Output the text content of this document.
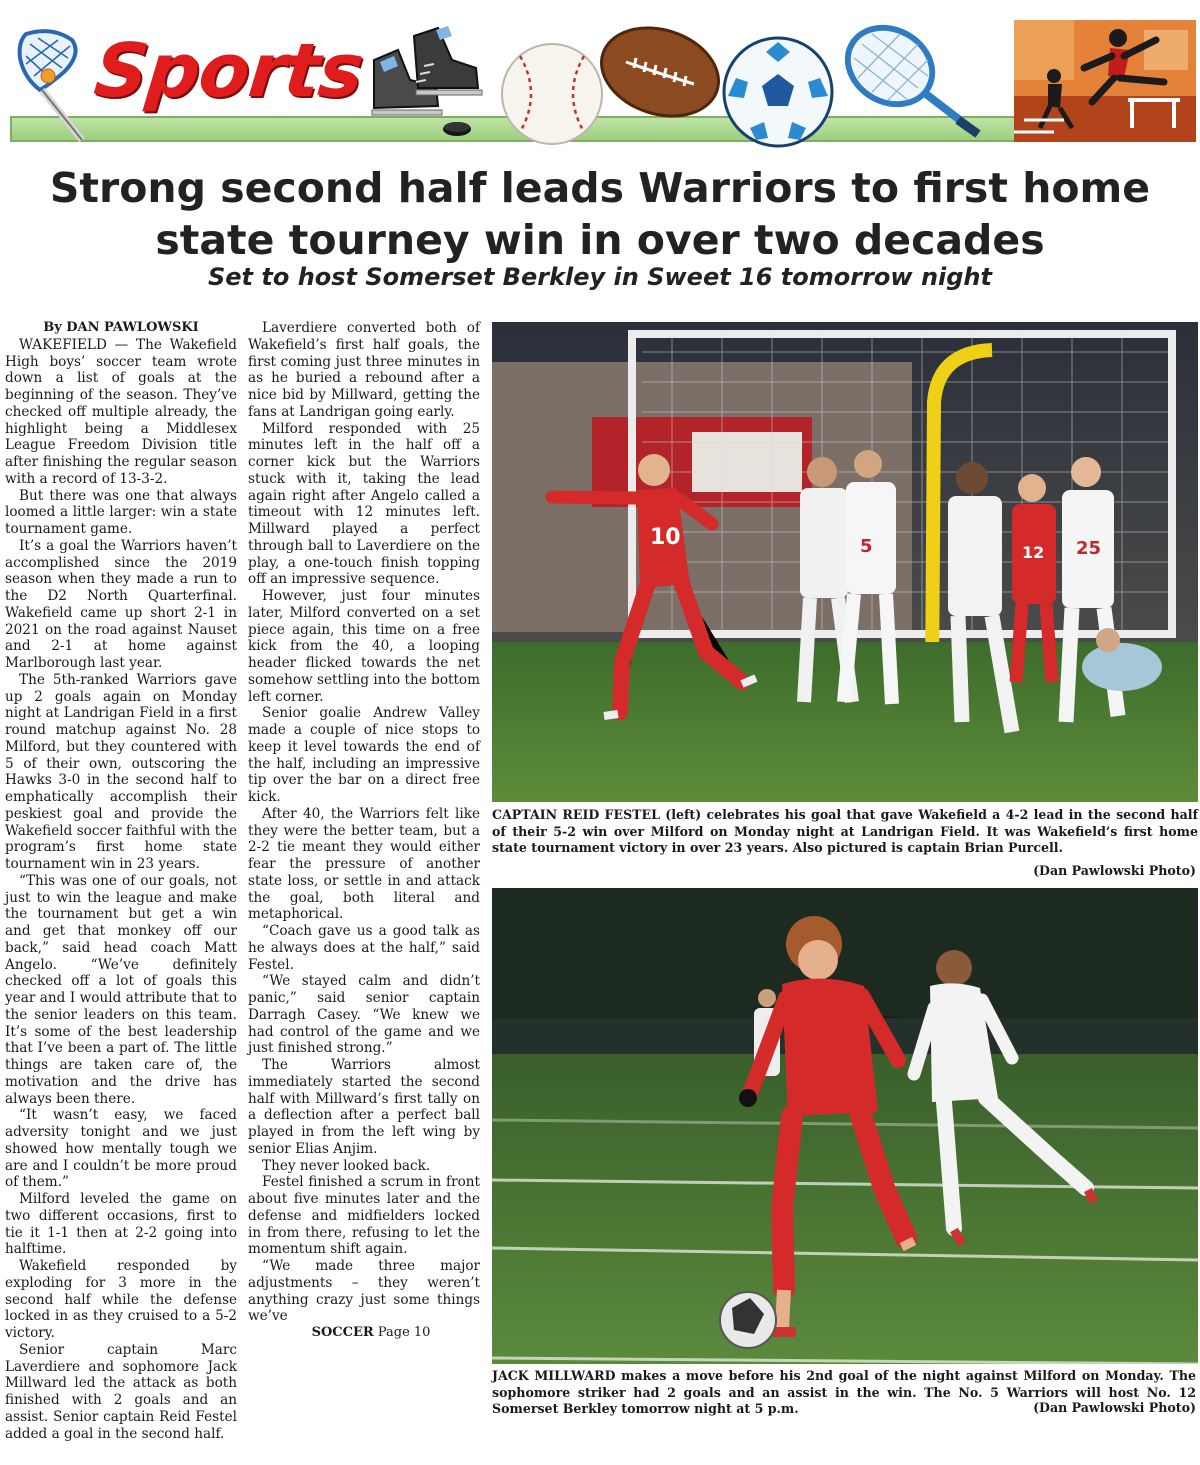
Sports
Strong second half leads Warriors to first home
state tourney win in over two decades
Set to host Somerset Berkley in Sweet 16 tomorrow night

By DAN PAWLOWSKI

WAKEFIELD — The Wakefield High boys’ soccer team wrote down a list of goals at the beginning of the season. They’ve checked off multiple already, the highlight being a Middlesex League Freedom Division title after finishing the regular season with a record of 13-3-2.

But there was one that always loomed a little larger: win a state tournament game.

It’s a goal the Warriors haven’t accomplished since the 2019 season when they made a run to the D2 North Quarterfinal. Wakefield came up short 2-1 in 2021 on the road against Nauset and 2-1 at home against Marlborough last year.

The 5th-ranked Warriors gave up 2 goals again on Monday night at Landrigan Field in a first round matchup against No. 28 Milford, but they countered with 5 of their own, outscoring the Hawks 3-0 in the second half to emphatically accomplish their peskiest goal and provide the Wakefield soccer faithful with the program’s first home state tournament win in 23 years.

“This was one of our goals, not just to win the league and make the tournament but get a win and get that monkey off our back,” said head coach Matt Angelo. “We’ve definitely checked off a lot of goals this year and I would attribute that to the senior leaders on this team. It’s some of the best leadership that I’ve been a part of. The little things are taken care of, the motivation and the drive has always been there.

“It wasn’t easy, we faced adversity tonight and we just showed how mentally tough we are and I couldn’t be more proud of them.”

Milford leveled the game on two different occasions, first to tie it 1-1 then at 2-2 going into halftime.

Wakefield responded by exploding for 3 more in the second half while the defense locked in as they cruised to a 5-2 victory.

Senior captain Marc Laverdiere and sophomore Jack Millward led the attack as both finished with 2 goals and an assist. Senior captain Reid Festel added a goal in the second half.

Laverdiere converted both of Wakefield’s first half goals, the first coming just three minutes in as he buried a rebound after a nice bid by Millward, getting the fans at Landrigan going early.

Milford responded with 25 minutes left in the half off a corner kick but the Warriors stuck with it, taking the lead again right after Angelo called a timeout with 12 minutes left. Millward played a perfect through ball to Laverdiere on the play, a one-touch finish topping off an impressive sequence.

However, just four minutes later, Milford converted on a set piece again, this time on a free kick from the 40, a looping header flicked towards the net somehow settling into the bottom left corner.

Senior goalie Andrew Valley made a couple of nice stops to keep it level towards the end of the half, including an impressive tip over the bar on a direct free kick.

After 40, the Warriors felt like they were the better team, but a 2-2 tie meant they would either fear the pressure of another state loss, or settle in and attack the goal, both literal and metaphorical.

“Coach gave us a good talk as he always does at the half,” said Festel.

“We stayed calm and didn’t panic,” said senior captain Darragh Casey. “We knew we had control of the game and we just finished strong.”

The Warriors almost immediately started the second half with Millward’s first tally on a deflection after a perfect ball played in from the left wing by senior Elias Anjim.

They never looked back.

Festel finished a scrum in front about five minutes later and the defense and midfielders locked in from there, refusing to let the momentum shift again.

“We made three major adjustments – they weren’t anything crazy just some things we’ve

SOCCER Page 10

10	5	25
12

CAPTAIN REID FESTEL (left) celebrates his goal that gave Wakefield a 4-2 lead in the second half of their 5-2 win over Milford on Monday night at Landrigan Field. It was Wakefield’s first home state tournament victory in over 23 years. Also pictured is captain Brian Purcell.

(Dan Pawlowski Photo)

JACK MILLWARD makes a move before his 2nd goal of the night against Milford on Monday. The sophomore striker had 2 goals and an assist in the win. The No. 5 Warriors will host No. 12 Somerset Berkley tomorrow night at 5 p.m.	(Dan Pawlowski Photo)
